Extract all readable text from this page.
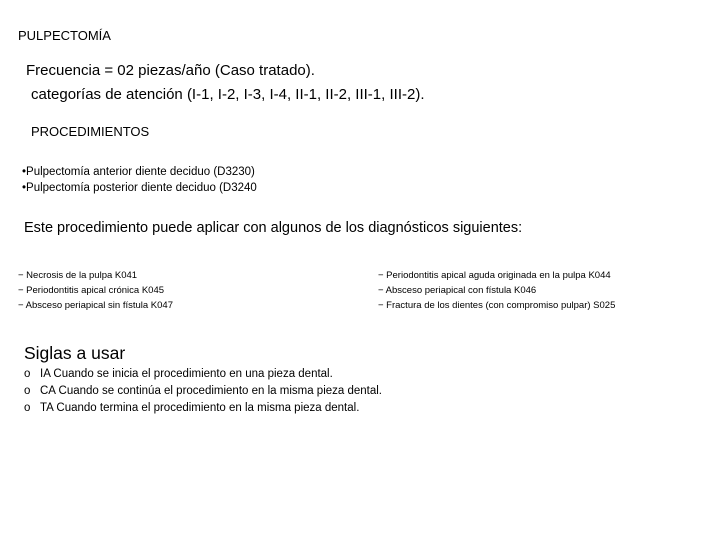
PULPECTOMÍA
Frecuencia = 02 piezas/año (Caso tratado).
categorías de atención (I-1, I-2, I-3, I-4, II-1, II-2, III-1, III-2).
PROCEDIMIENTOS
•Pulpectomía anterior diente deciduo (D3230)
•Pulpectomía posterior diente deciduo (D3240
Este procedimiento puede aplicar con algunos de los diagnósticos siguientes:
− Necrosis de la pulpa K041
− Periodontitis apical crónica K045
− Absceso periapical sin fístula K047
− Periodontitis apical aguda originada en la pulpa K044
− Absceso periapical con fístula K046
− Fractura de los dientes (con compromiso pulpar) S025
Siglas a usar
o IA Cuando se inicia el procedimiento en una pieza dental.
o CA Cuando se continúa el procedimiento en la misma pieza dental.
o TA Cuando termina el procedimiento en la misma pieza dental.
